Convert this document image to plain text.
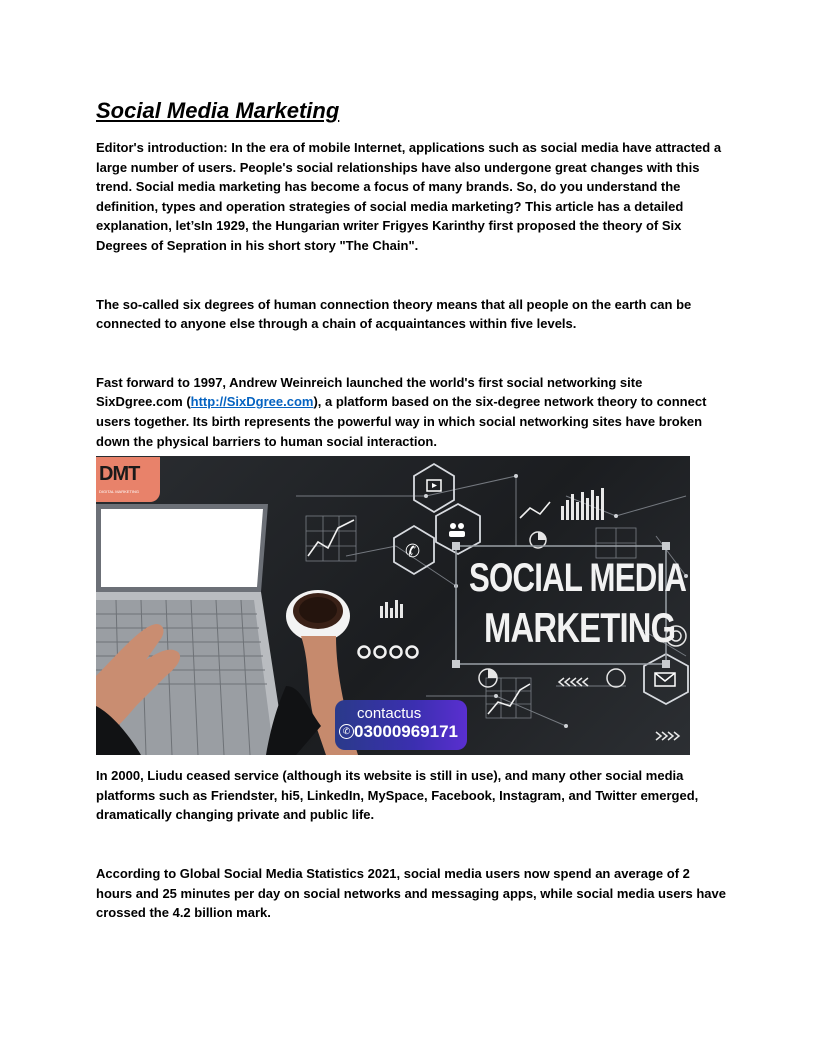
Social Media Marketing

Editor's introduction: In the era of mobile Internet, applications such as social media have attracted a large number of users. People's social relationships have also undergone great changes with this trend. Social media marketing has become a focus of many brands. So, do you understand the definition, types and operation strategies of social media marketing? This article has a detailed explanation, let’sIn 1929, the Hungarian writer Frigyes Karinthy first proposed the theory of Six Degrees of Sepration in his short story "The Chain".

The so-called six degrees of human connection theory means that all people on the earth can be connected to anyone else through a chain of acquaintances within five levels.

Fast forward to 1997, Andrew Weinreich launched the world's first social networking site SixDgree.com (http://SixDgree.com), a platform based on the six-degree network theory to connect users together. Its birth represents the powerful way in which social networking sites have broken down the physical barriers to human social interaction.

✆
DMT
DIGITAL MARKETING
SOCIAL MEDIA
MARKETING
contactus
✆ 03000969171

In 2000, Liudu ceased service (although its website is still in use), and many other social media platforms such as Friendster, hi5, LinkedIn, MySpace, Facebook, Instagram, and Twitter emerged, dramatically changing private and public life.

According to Global Social Media Statistics 2021, social media users now spend an average of 2 hours and 25 minutes per day on social networks and messaging apps, while social media users have crossed the 4.2 billion mark.
